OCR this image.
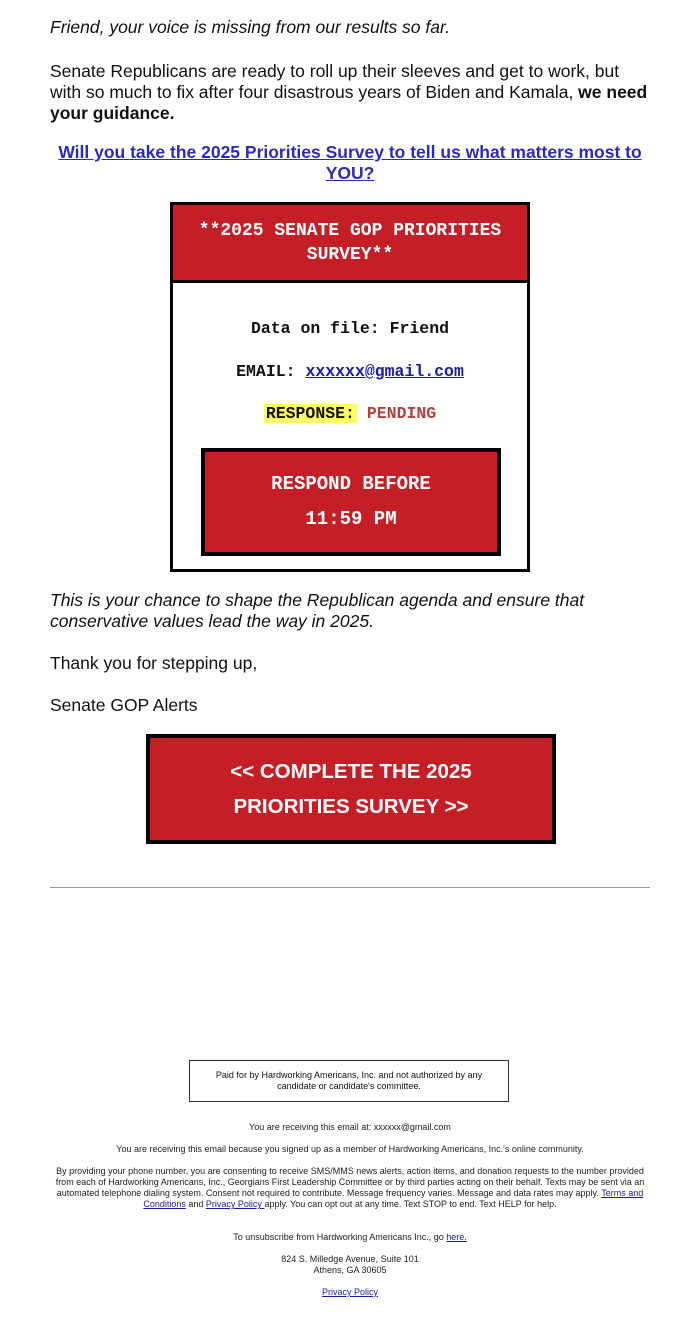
Friend, your voice is missing from our results so far.

Senate Republicans are ready to roll up their sleeves and get to work, but with so much to fix after four disastrous years of Biden and Kamala, we need your guidance.

Will you take the 2025 Priorities Survey to tell us what matters most to YOU?
**2025 SENATE GOP PRIORITIES SURVEY**
Data on file: Friend
EMAIL: xxxxxx@gmail.com
RESPONSE: PENDING
RESPOND BEFORE
11:59 PM

This is your chance to shape the Republican agenda and ensure that conservative values lead the way in 2025.

Thank you for stepping up,

Senate GOP Alerts

<< COMPLETE THE 2025
PRIORITIES SURVEY >>
Paid for by Hardworking Americans, Inc. and not authorized by any candidate or candidate's committee.
You are receiving this email at: xxxxxx@gmail.com
You are receiving this email because you signed up as a member of Hardworking Americans, Inc.'s online community.
By providing your phone number, you are consenting to receive SMS/MMS news alerts, action items, and donation requests to the number provided from each of Hardworking Americans, Inc., Georgians First Leadership Committee or by third parties acting on their behalf. Texts may be sent via an automated telephone dialing system. Consent not required to contribute. Message frequency varies. Message and data rates may apply. Terms and Conditions and Privacy Policy apply. You can opt out at any time. Text STOP to end. Text HELP for help.
To unsubscribe from Hardworking Americans Inc., go here.
824 S. Milledge Avenue, Suite 101
Athens, GA 30605
Privacy Policy
